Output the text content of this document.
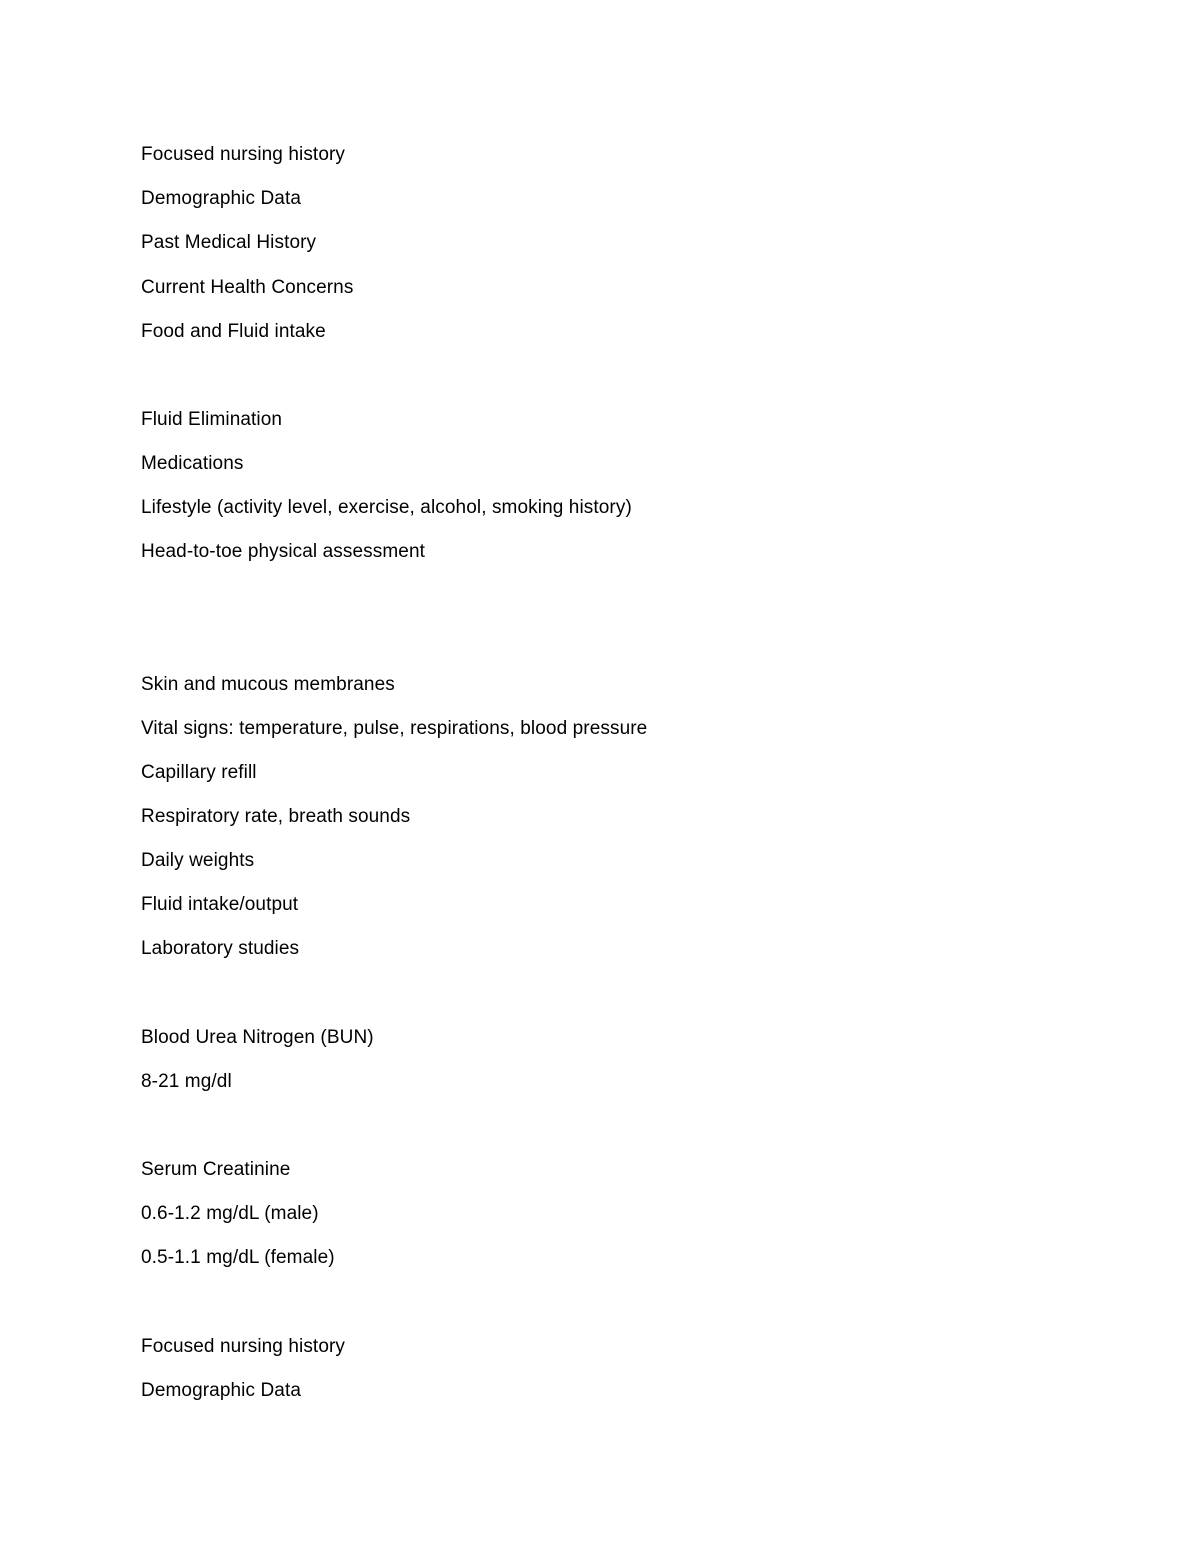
Focused nursing history
Demographic Data
Past Medical History
Current Health Concerns
Food and Fluid intake
Fluid Elimination
Medications
Lifestyle (activity level, exercise, alcohol, smoking history)
Head-to-toe physical assessment
Skin and mucous membranes
Vital signs: temperature, pulse, respirations, blood pressure
Capillary refill
Respiratory rate, breath sounds
Daily weights
Fluid intake/output
Laboratory studies
Blood Urea Nitrogen (BUN)
8-21 mg/dl
Serum Creatinine
0.6-1.2 mg/dL (male)
0.5-1.1 mg/dL (female)
Focused nursing history
Demographic Data
